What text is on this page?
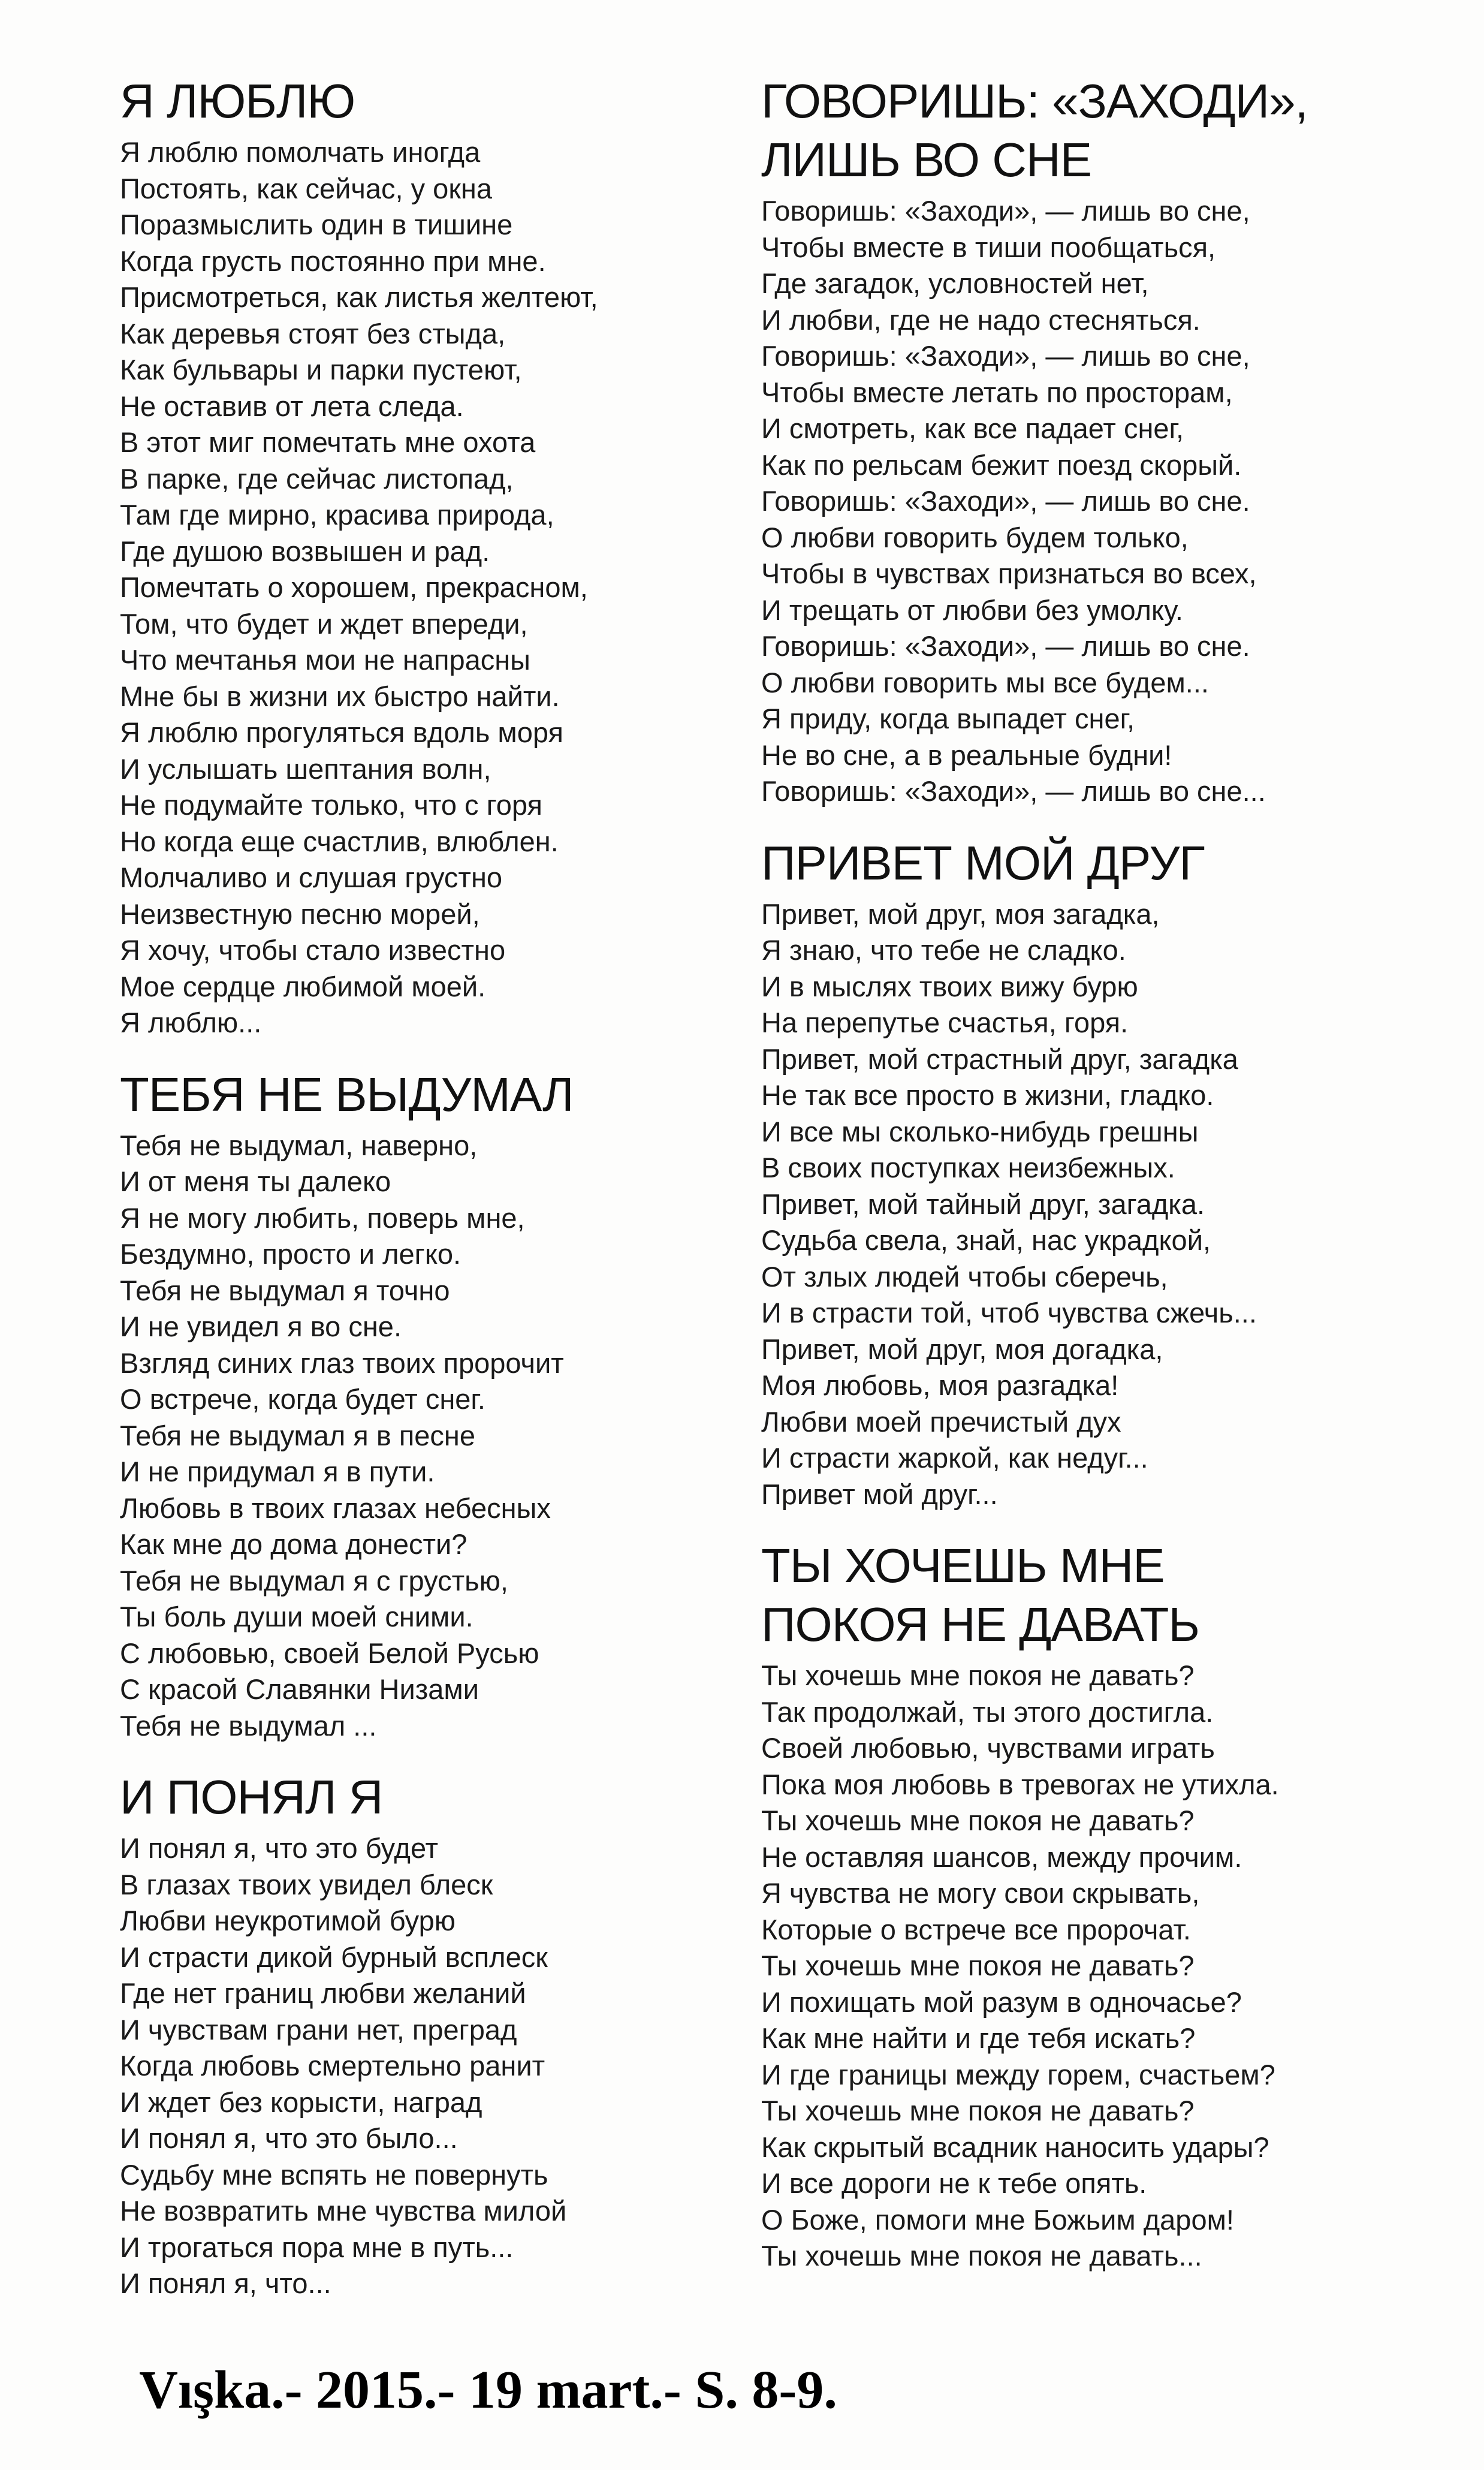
Я ЛЮБЛЮ
Я люблю помолчать иногда
Постоять, как сейчас, у окна
Поразмыслить один в тишине
Когда грусть постоянно при мне.
Присмотреться, как листья желтеют,
Как деревья стоят без стыда,
Как бульвары и парки пустеют,
Не оставив от лета следа.
В этот миг помечтать мне охота
В парке, где сейчас листопад,
Там где мирно, красива природа,
Где душою возвышен и рад.
Помечтать о хорошем, прекрасном,
Том, что будет и ждет впереди,
Что мечтанья мои не напрасны
Мне бы в жизни их быстро найти.
Я люблю прогуляться вдоль моря
И услышать шептания волн,
Не подумайте только, что с горя
Но когда еще счастлив, влюблен.
Молчаливо и слушая грустно
Неизвестную песню морей,
Я хочу, чтобы стало известно
Мое сердце любимой моей.
Я люблю...
ТЕБЯ НЕ ВЫДУМАЛ
Тебя не выдумал, наверно,
И от меня ты далеко
Я не могу любить, поверь мне,
Бездумно, просто и легко.
Тебя не выдумал я точно
И не увидел я во сне.
Взгляд синих глаз твоих пророчит
О встрече, когда будет снег.
Тебя не выдумал я в песне
И не придумал я в пути.
Любовь в твоих глазах небесных
Как мне до дома донести?
Тебя не выдумал я с грустью,
Ты боль души моей сними.
С любовью, своей Белой Русью
С красой Славянки Низами
Тебя не выдумал ...
И ПОНЯЛ Я
И понял я, что это будет
В глазах твоих увидел блеск
Любви неукротимой бурю
И страсти дикой бурный всплеск
Где нет границ любви желаний
И чувствам грани нет, преград
Когда любовь смертельно ранит
И ждет без корысти, наград
И понял я, что это было...
Судьбу мне вспять не повернуть
Не возвратить мне чувства милой
И трогаться пора мне в путь...
И понял я, что...
ГОВОРИШЬ: «ЗАХОДИ»,
ЛИШЬ ВО СНЕ
Говоришь: «Заходи», — лишь во сне,
Чтобы вместе в тиши пообщаться,
Где загадок, условностей нет,
И любви, где не надо стесняться.
Говоришь: «Заходи», — лишь во сне,
Чтобы вместе летать по просторам,
И смотреть, как все падает снег,
Как по рельсам бежит поезд скорый.
Говоришь: «Заходи», — лишь во сне.
О любви говорить будем только,
Чтобы в чувствах признаться во всех,
И трещать от любви без умолку.
Говоришь: «Заходи», — лишь во сне.
О любви говорить мы все будем...
Я приду, когда выпадет снег,
Не во сне, а в реальные будни!
Говоришь: «Заходи», — лишь во сне...
ПРИВЕТ МОЙ ДРУГ
Привет, мой друг, моя загадка,
Я знаю, что тебе не сладко.
И в мыслях твоих вижу бурю
На перепутье счастья, горя.
Привет, мой страстный друг, загадка
Не так все просто в жизни, гладко.
И все мы сколько-нибудь грешны
В своих поступках неизбежных.
Привет, мой тайный друг, загадка.
Судьба свела, знай, нас украдкой,
От злых людей чтобы сберечь,
И в страсти той, чтоб чувства сжечь...
Привет, мой друг, моя догадка,
Моя любовь, моя разгадка!
Любви моей пречистый дух
И страсти жаркой, как недуг...
Привет мой друг...
ТЫ ХОЧЕШЬ МНЕ
ПОКОЯ НЕ ДАВАТЬ
Ты хочешь мне покоя не давать?
Так продолжай, ты этого достигла.
Своей любовью, чувствами играть
Пока моя любовь в тревогах не утихла.
Ты хочешь мне покоя не давать?
Не оставляя шансов, между прочим.
Я чувства не могу свои скрывать,
Которые о встрече все пророчат.
Ты хочешь мне покоя не давать?
И похищать мой разум в одночасье?
Как мне найти и где тебя искать?
И где границы между горем, счастьем?
Ты хочешь мне покоя не давать?
Как скрытый всадник наносить удары?
И все дороги не к тебе опять.
О Боже, помоги мне Божьим даром!
Ты хочешь мне покоя не давать...
Vışka.- 2015.- 19 mart.- S. 8-9.
